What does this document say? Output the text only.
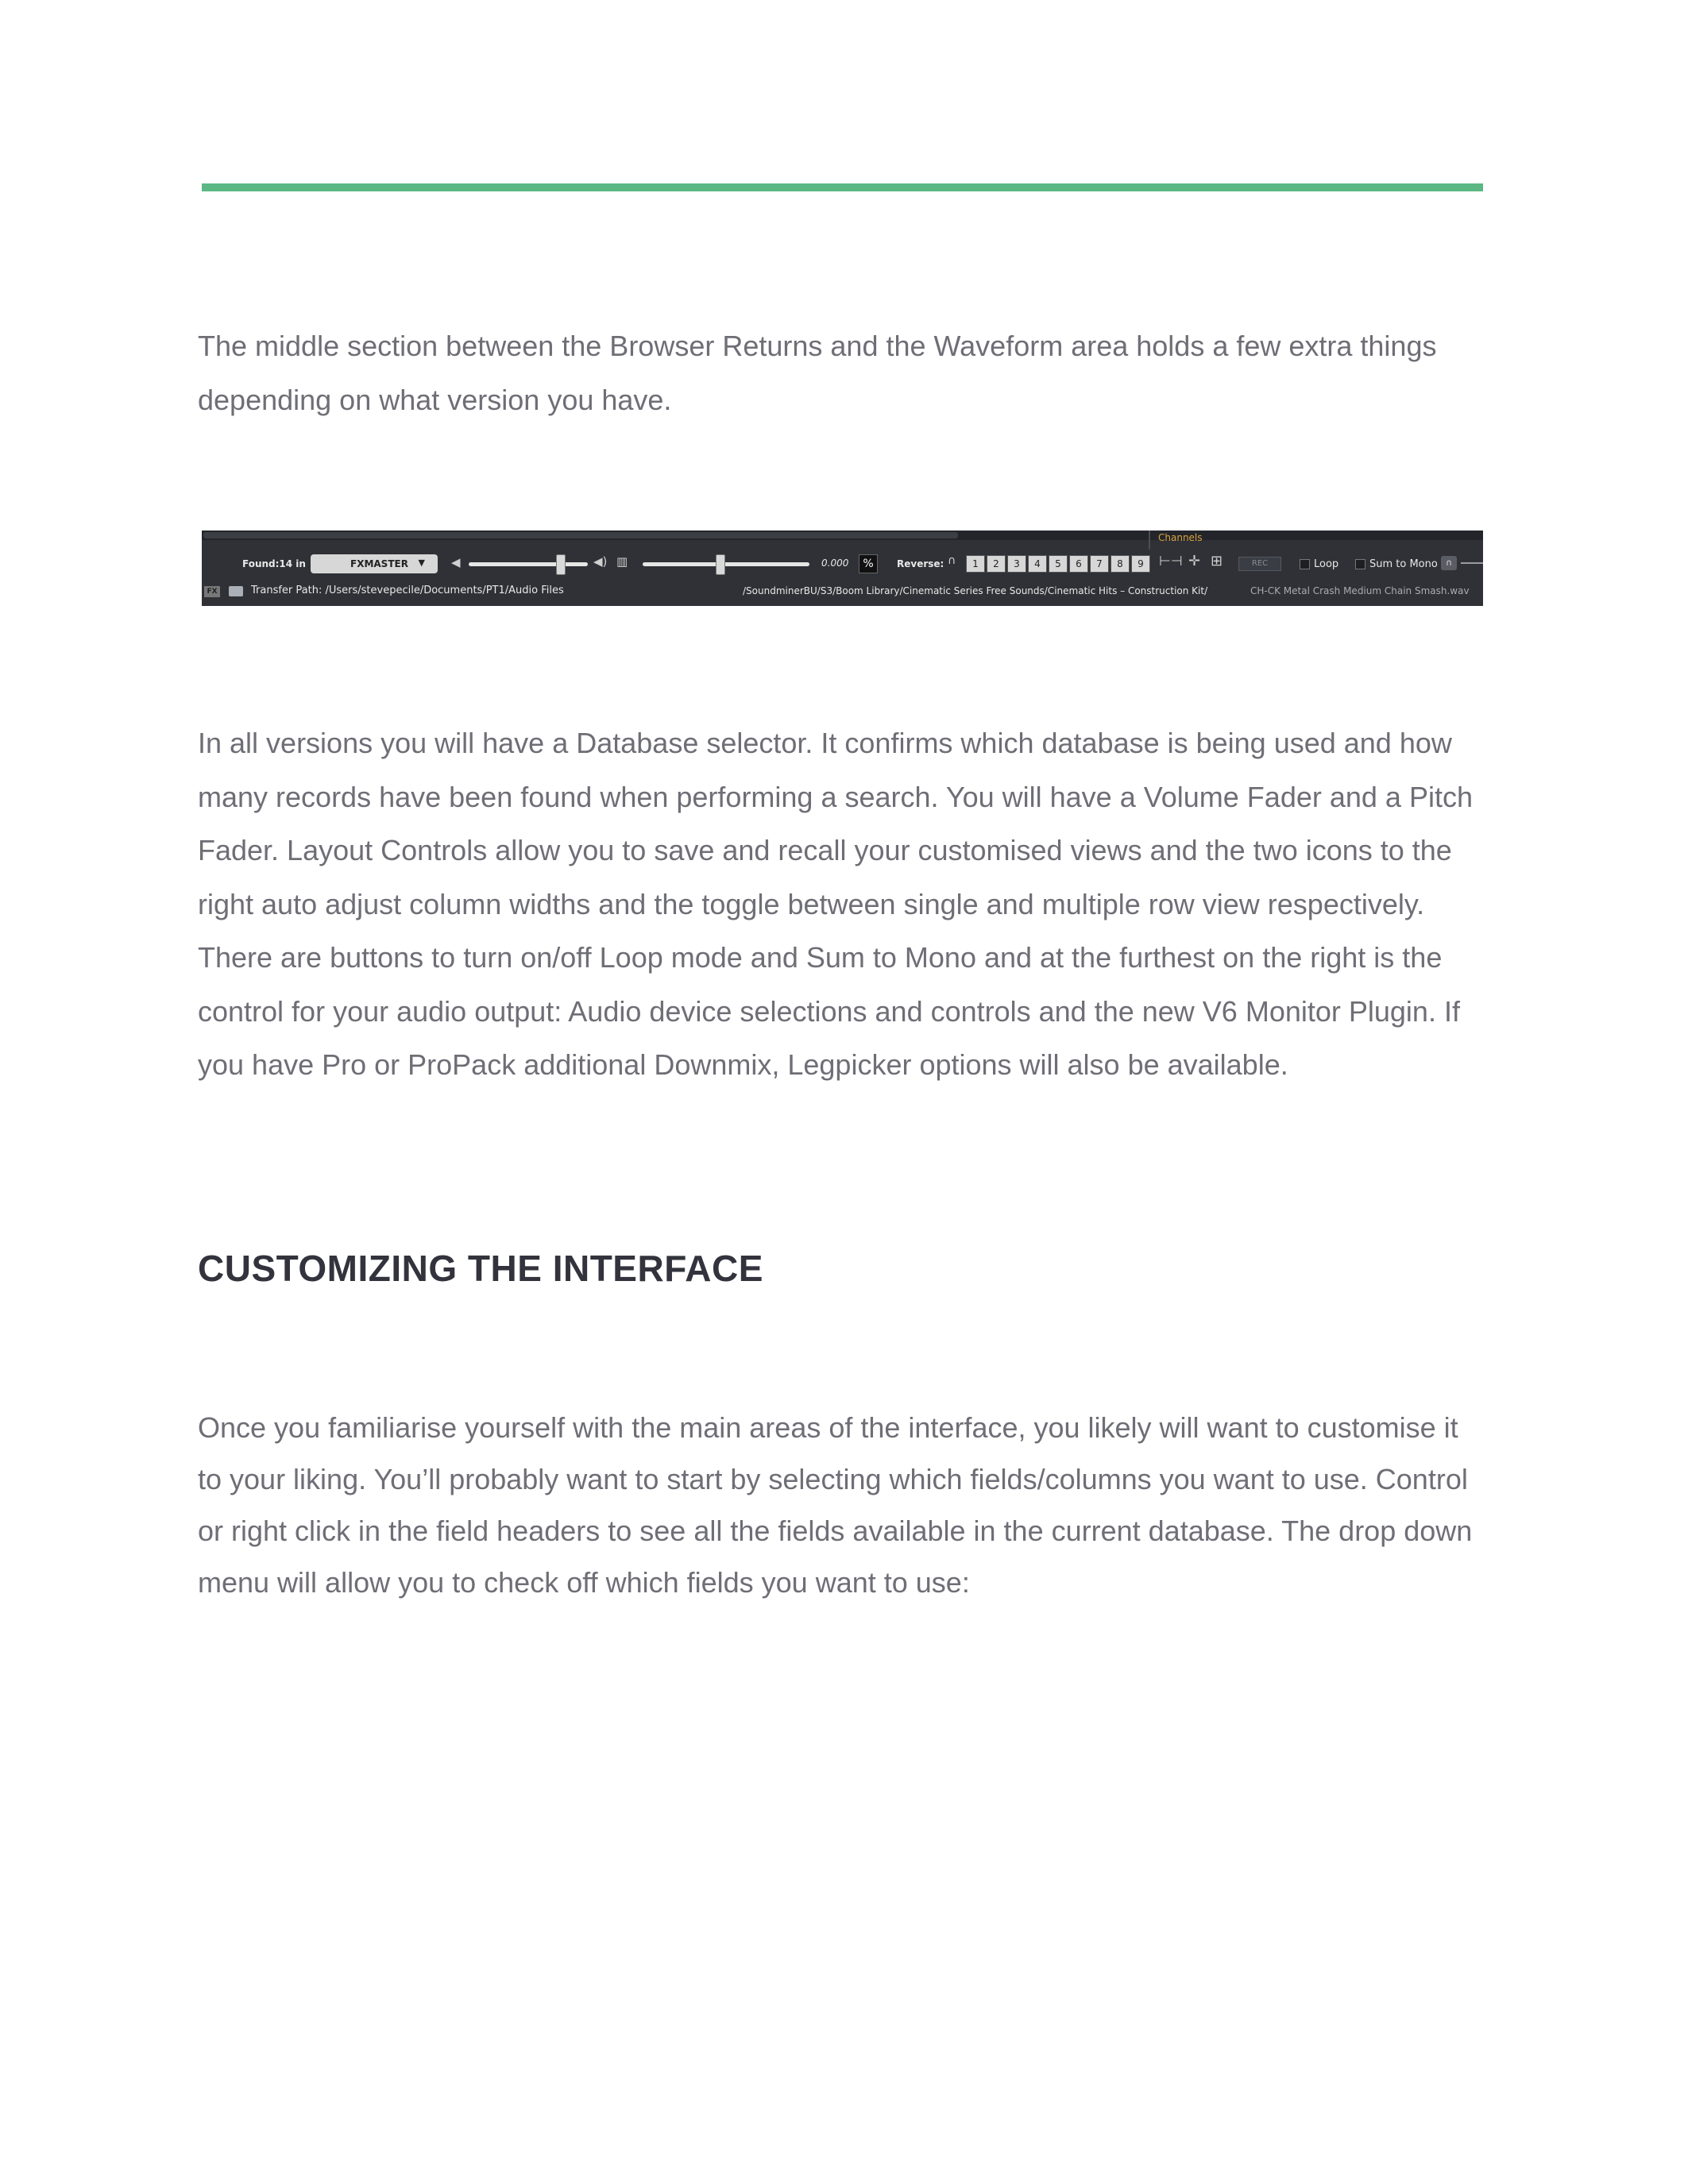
The middle section between the Browser Returns and the Waveform area holds a few extra things depending on what version you have.

Channels
Found:14 in	FXMASTER ▼ ◀	◀) ▥	0.000	%	Reverse: ∩	1	2	3	4	5	6	7	8	9	⊢⊣ ✛ ⊞	REC	Loop	Sum to Mono ∩
FX	Transfer Path: /Users/stevepecile/Documents/PT1/Audio Files	/SoundminerBU/S3/Boom Library/Cinematic Series Free Sounds/Cinematic Hits – Construction Kit/	CH-CK Metal Crash Medium Chain Smash.wav

In all versions you will have a Database selector. It confirms which database is being used and how many records have been found when performing a search. You will have a Volume Fader and a Pitch Fader. Layout Controls allow you to save and recall your customised views and the two icons to the right auto adjust column widths and the toggle between single and multiple row view respectively. There are buttons to turn on/off Loop mode and Sum to Mono and at the furthest on the right is the control for your audio output: Audio device selections and controls and the new V6 Monitor Plugin. If you have Pro or ProPack additional Downmix, Legpicker options will also be available.

CUSTOMIZING THE INTERFACE

Once you familiarise yourself with the main areas of the interface, you likely will want to customise it to your liking. You’ll probably want to start by selecting which fields/columns you want to use. Control or right click in the field headers to see all the fields available in the current database. The drop down menu will allow you to check off which fields you want to use:
